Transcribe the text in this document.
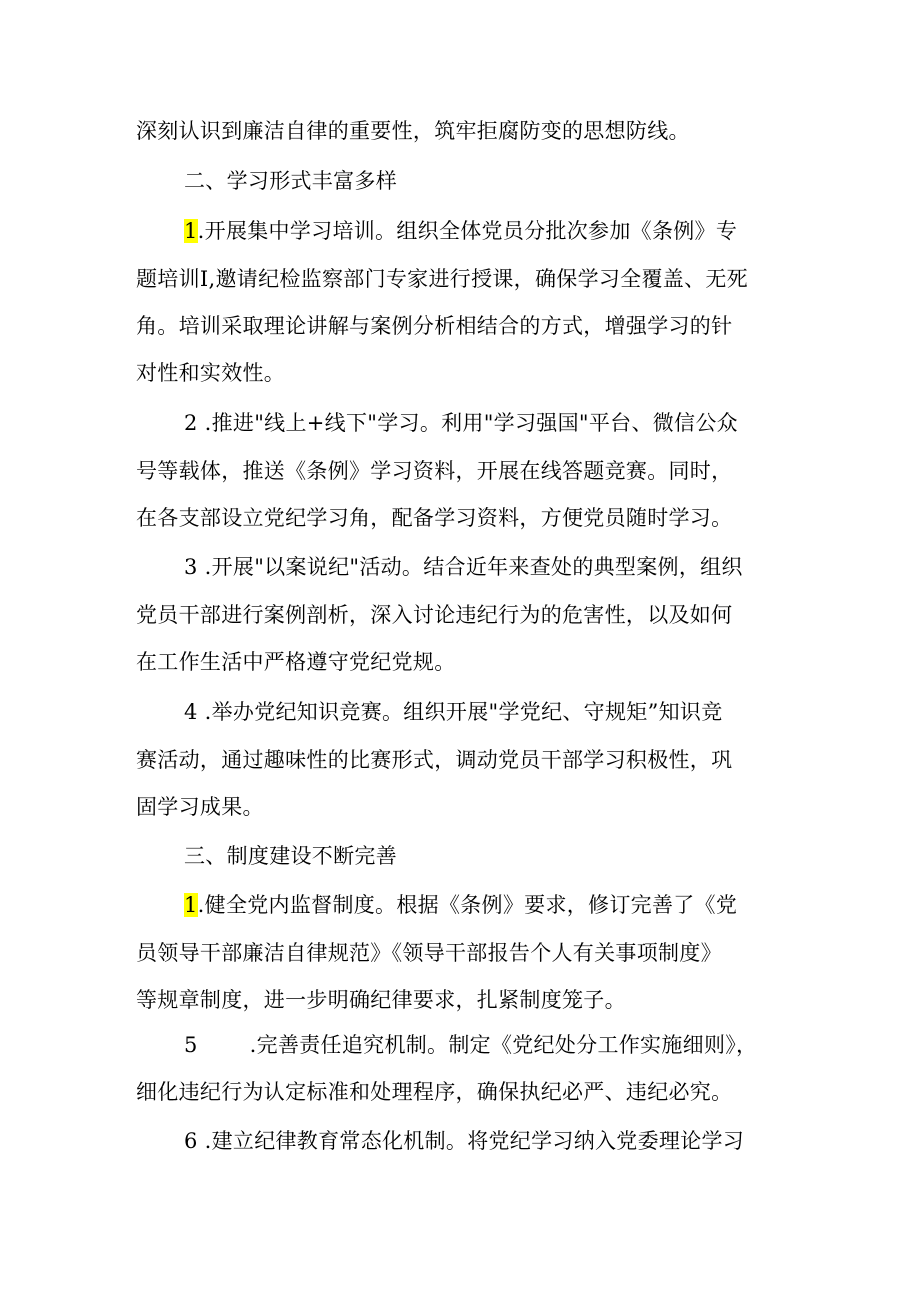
深刻认识到廉洁自律的重要性，筑牢拒腐防变的思想防线。
二、学习形式丰富多样
1.开展集中学习培训。组织全体党员分批次参加《条例》专
题培训I,邀请纪检监察部门专家进行授课，确保学习全覆盖、无死
角。培训采取理论讲解与案例分析相结合的方式，增强学习的针
对性和实效性。
2 .推进"线上+线下"学习。利用"学习强国"平台、微信公众
号等载体，推送《条例》学习资料，开展在线答题竞赛。同时，
在各支部设立党纪学习角，配备学习资料，方便党员随时学习。
3 .开展"以案说纪"活动。结合近年来查处的典型案例，组织
党员干部进行案例剖析，深入讨论违纪行为的危害性，以及如何
在工作生活中严格遵守党纪党规。
4 .举办党纪知识竞赛。组织开展"学党纪、守规矩”知识竞
赛活动，通过趣味性的比赛形式，调动党员干部学习积极性，巩
固学习成果。
三、制度建设不断完善
1.健全党内监督制度。根据《条例》要求，修订完善了《党
员领导干部廉洁自律规范》《领导干部报告个人有关事项制度》
等规章制度，进一步明确纪律要求，扎紧制度笼子。
5 .完善责任追究机制。制定《党纪处分工作实施细则》，
细化违纪行为认定标准和处理程序，确保执纪必严、违纪必究。
6 .建立纪律教育常态化机制。将党纪学习纳入党委理论学习
